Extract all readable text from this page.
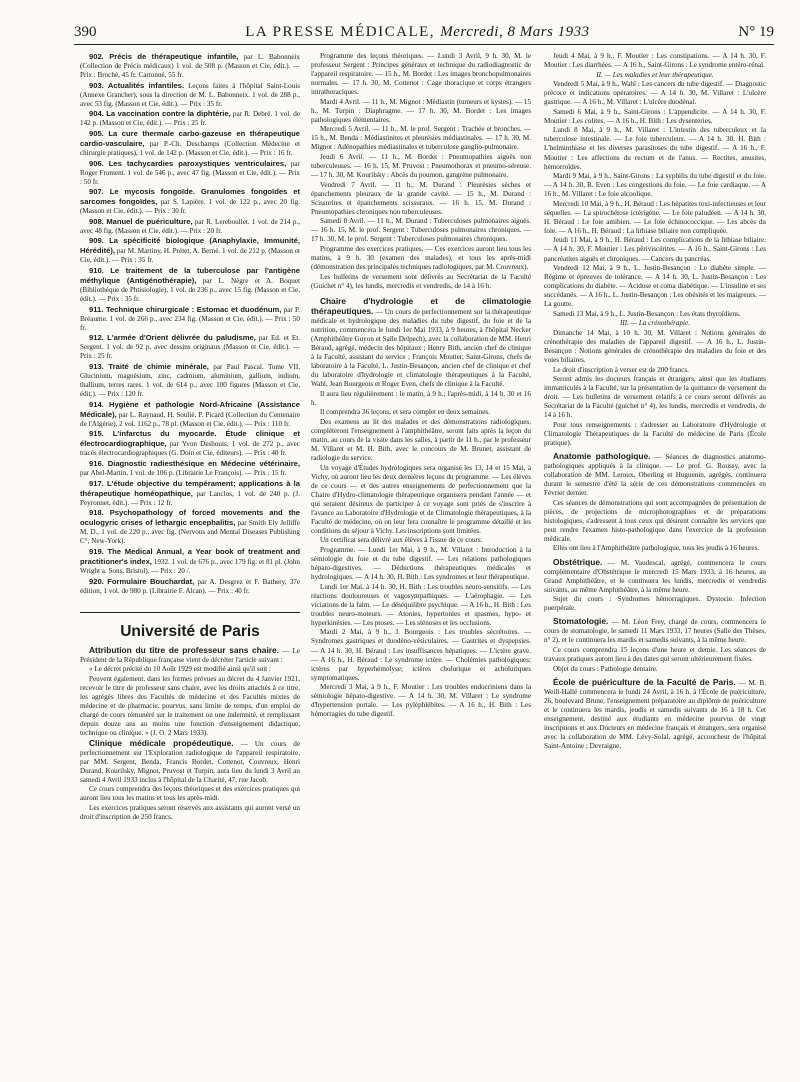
390	LA PRESSE MÉDICALE, Mercredi, 8 Mars 1933	N° 19

902. Précis de thérapeutique infantile, par L. Babonneix (Collection de Précis médicaux) 1 vol. de 508 p. (Masson et Cie, édit.). — Prix : Broché, 45 fr. Cartonné, 55 fr.

903. Actualités infantiles. Leçons faites à l'hôpital Saint-Louis (Annexe Grancher), sous la direction de M. L. Babonneix. 1 vol. de 288 p., avec 53 fig. (Masson et Cie, édit.). — Prix : 35 fr.

904. La vaccination contre la diphtérie, par R. Debré. 1 vol. de 142 p. (Masson et Cie, édit.). — Prix : 25 fr.

905. La cure thermale carbo-gazeuse en thérapeutique cardio-vasculaire, par P.-Ch. Deschamps (Collection Médecine et chirurgie pratiques), 1 vol. de 142 p. (Masson et Cie, édit.). — Prix : 16 fr.

906. Les tachycardies paroxystiques ventriculaires, par Roger Froment. 1 vol. de 546 p., avec 47 fig. (Masson et Cie, édit.). — Prix : 50 fr.

907. Le mycosis fongoïde. Granulomes fongoïdes et sarcomes fongoïdes, par S. Lapière. 1 vol. de 122 p., avec 20 fig. (Masson et Cie, édit.). — Prix : 30 fr.

908. Manuel de puériculture, par R. Lereboullet. 1 vol. de 214 p., avec 48 fig. (Masson et Cie, édit.). — Prix : 20 fr.

909. La spécificité biologique (Anaphylaxie, Immunité, Hérédité), par M. Martiny, H. Prétet, A. Berné. 1 vol. de 212 p. (Masson et Cie, édit.). — Prix : 35 fr.

910. Le traitement de la tuberculose par l'antigène méthylique (Antigénothérapie), par L. Nègre et A. Boquet (Bibliothèque de Phtisiologie), 1 vol. de 236 p., avec 15 fig. (Masson et Cie, édit.). — Prix : 35 fr.

911. Technique chirurgicale : Estomac et duodénum, par P. Bréaume. 1 vol. de 266 p., avec 234 fig. (Masson et Cie, édit.). — Prix : 50 fr.

912. L'armée d'Orient délivrée du paludisme, par Ed. et Et. Sergent. 1 vol. de 92 p. avec dessins originaux (Masson et Cie, édit.). — Prix : 25 fr.

913. Traité de chimie minérale, par Paul Pascal. Tome VII. Glucinium, magnésium, zinc, cadmium, aluminium, gallium, indium, thallium, terres rares. 1 vol. de 614 p., avec 100 figures (Masson et Cie, édit.). — Prix : 120 fr.

914. Hygiène et pathologie Nord-Africaine (Assistance Médicale), par L. Raynaud, H. Soulié, P. Picard (Collection du Centenaire de l'Algérie), 2 vol. 1162 p., 78 pl. (Masson et Cie, édit.). — Prix : 110 fr.

915. L'infarctus du myocarde. Étude clinique et électrocardiographique, par Yvon Desbouis, 1 vol. de 272 p., avec tracés électrocardiographiques (G. Doin et Cie, éditeurs). — Prix : 40 fr.

916. Diagnostic radiesthésique en Médecine vétérinaire, par Abel-Martin, 1 vol. de 106 p. (Librairie Le François). — Prix : 15 fr.

917. L'étude objective du tempérament; applications à la thérapeutique homéopathique, par Lanclos, 1 vol. de 240 p. (J. Peyronnet, édit.). — Prix : 12 fr.

918. Psychopathology of forced movements and the oculogyric crises of lethargic encephalitis, par Smith Ely Jelliffe M. D., 1 vol. de 220 p., avec fig. (Nervous and Mental Diseases Publishing C°, New-York).

919. The Medical Annual, a Year book of treatment and practitioner's index, 1932. 1 vol. de 676 p., avec 179 fig. et 81 pl. (John Wright a. Sons, Bristol). — Prix : 20 /.

920. Formulaire Bouchardat, par A. Desgrez et F. Bathery, 37e édition, 1 vol. de 980 p. (Librairie F. Alcan). — Prix : 40 fr.

Université de Paris

Attribution du titre de professeur sans chaire. — Le Président de la République française vient de décréter l'article suivant :

« Le décret précité du 10 Août 1929 est modifié ainsi qu'il suit :

Peuvent également, dans les formes prévues au décret du 4 Janvier 1921, recevoir le titre de professeur sans chaire, avec les droits attachés à ce titre, les agrégés libres des Facultés de médecine et des Facultés mixtes de médecine et de pharmacie, pourvus, sans limite de temps, d'un emploi de chargé de cours rémunéré sur le traitement ou une indemnité, et remplissant depuis douze ans au moins une fonction d'enseignement didactique, technique ou clinique. » (J. O. 2 Mars 1933).

Clinique médicale propédeutique. — Un cours de perfectionnement sur l'Exploration radiologique de l'appareil respiratoire, par MM. Sergent, Benda, Francis Bordet, Cottenot, Couvreux, Henri Durand, Kourilsky, Mignot, Pruvost et Turpin, aura lieu du lundi 3 Avril au samedi 4 Avril 1933 inclus à l'hôpital de la Charité, 47, rue Jacob.

Ce cours comprendra des leçons théoriques et des exercices pratiques qui auront lieu tous les matins et tous les après-midi.

Les exercices pratiques seront réservés aux assistants qui auront versé un droit d'inscription de 250 francs.

Programme des leçons théoriques. — Lundi 3 Avril, 9 h. 30, M. le professeur Sergent : Principes généraux et technique du radiodiagnostic de l'appareil respiratoire. — 15 h., M. Bordet : Les images bronchopulmonaires normales. — 17 h. 30, M. Cottenot : Cage thoracique et corps étrangers intrathoraciques.

Mardi 4 Avril. — 11 h., M. Mignot : Médiastin (tumeurs et kystes). — 15 h., M. Turpin : Diaphragme. — 17 h. 30, M. Bordet : Les images pathologiques élémentaires.

Mercredi 5 Avril. — 11 h., M. le prof. Sergent : Trachée et bronches. — 15 h., M. Benda : Médiastinites et pleurésies médiastinales. — 17 h. 30, M. Mignot : Adénopathies médiastinales et tuberculose ganglio-pulmonaire.

Jeudi 6 Avril. — 11 h., M. Bordet : Pneumopathies aiguës non tuberculeuses. — 16 h. 15, M. Pruvost : Pneumothorax et pneumo-séreuse. — 17 h. 30, M. Kourilsky : Abcès du poumon, gangrène pulmonaire.

Vendredi 7 Avril. — 11 h., M. Durand : Pleurésies sèches et épanchements pleuraux de la grande cavité. — 15 h., M. Durand : Scissurites et épanchements scissuraux. — 16 h. 15, M. Durand : Pneumopathies chroniques non tuberculeuses.

Samedi 8 Avril. — 11 h., M. Durand : Tuberculoses pulmonaires aiguës. — 16 h. 15, M. le prof. Sergent : Tuberculoses pulmonaires chroniques. — 17 h. 30, M. le prof. Sergent : Tuberculoses pulmonaires chroniques.

Programme des exercices pratiques. — Ces exercices auront lieu tous les matins, à 9 h. 30 (examen des malades), et tous les après-midi (démonstration des principales techniques radiologiques, par M. Couvreux).

Les bulletins de versement sont délivrés au Secrétariat de la Faculté (Guichet n° 4), les lundis, mercredis et vendredis, de 14 à 16 h.

Chaire d'hydrologie et de climatologie thérapeutiques. — Un cours de perfectionnement sur la thérapeutique médicale et hydrologique des maladies du tube digestif, du foie et de la nutrition, commencera le lundi 1er Mai 1933, à 9 heures, à l'hôpital Necker (Amphithéâtre Guyon et Salle Delpech), avec la collaboration de MM. Henri Béraud, agrégé, médecin des hôpitaux ; Henry Bith, ancien chef de clinique à la Faculté, assistant du service ; François Moutier, Saint-Girons, chefs de laboratoire à la Faculté, L. Justin-Besançon, ancien chef de clinique et chef du laboratoire d'hydrologie et climatologie thérapeutiques à la Faculté, Wahl, Jean Bourgeois et Roger Even, chefs de clinique à la Faculté.

Il aura lieu régulièrement : le matin, à 9 h.; l'après-midi, à 14 h. 30 et 16 h.

Il comprendra 36 leçons, et sera complet en deux semaines.

Des examens au lit des malades et des démonstrations radiologiques, compléteront l'enseignement à l'amphithéâtre, seront faits après la leçon du matin, au cours de la visite dans les salles, à partir de 11 h., par le professeur M. Villaret et M. H. Bith, avec le concours de M. Brunet, assistant de radiologie du service.

Un voyage d'Études hydrologiques sera organisé les 13, 14 et 15 Mai, à Vichy, où auront lieu les deux dernières leçons du programme. — Les élèves de ce cours — et des autres enseignements de perfectionnement que la Chaire d'Hydro-climatologie thérapeutique organisera pendant l'année — et qui seraient désireux de participer à ce voyage sont priés de s'inscrire à l'avance au Laboratoire d'Hydrologie et de Climatologie thérapeutiques, à la Faculté de médecine, où on leur fera connaître le programme détaillé et les conditions du séjour à Vichy. Les inscriptions sont limitées.

Un certificat sera délivré aux élèves à l'issue de ce cours.

Programme. — Lundi 1er Mai, à 9 h., M. Villaret : Introduction à la sémiologie du foie et du tube digestif. — Les relations pathologiques hépato-digestives. — Déductions thérapeutiques médicales et hydrologiques. — A 14 h. 30, H. Bith : Les syndromes et leur thérapeutique.

Lundi 1er Mai, à 14 h. 30, H. Bith : Les troubles neuro-sensitifs. — Les réactions douloureuses et vagosympathiques. — L'aérophagie. — Les viciations de la faim. — Le déséquilibre psychique. — A 16 h., H. Bith : Les troubles neuro-moteurs. — Atonies, hypertonies et spasmes, hypo- et hyperkinésies. — Les ptoses. — Les sténoses et les occlusions.

Mardi 2 Mai, à 9 h., J. Bourgeois : Les troubles sécrétoires. — Syndromes gastriques et duodéno-vésiculaires. — Gastrites et dyspepsies. — A 14 h. 30, H. Béraud : Les insuffisances hépatiques. — L'ictère grave. — A 16 h., H. Béraud : Le syndrome ictère. — Cholémies pathologiques; ictères par hyperhémolyse; ictères cholurique et acholuriques symptomatiques.

Mercredi 3 Mai, à 9 h., F. Moutier : Les troubles endocriniens dans la sémiologie hépato-digestive. — A 14 h. 30, M. Villaret : Le syndrome d'hypertension portale. — Les pyléphlébites. — A 16 h., H. Bith : Les hémorragies du tube digestif.

Jeudi 4 Mai, à 9 h., F. Moutier : Les constipations. — A 14 h. 30, F. Moutier : Les diarrhées. — A 16 h., Saint-Girons : Le syndrome entéro-rénal.

II. — Les maladies et leur thérapeutique.

Vendredi 5 Mai, à 9 h., Wahl : Les cancers du tube digestif. — Diagnostic précoce et indications opératoires. — A 14 h. 30, M. Villaret : L'ulcère gastrique. — A 16 h., M. Villaret : L'ulcère duodénal.

Samedi 6 Mai, à 9 h., Saint-Girons : L'appendicite. — A 14 h. 30, F. Moutier : Les colites. — A 16 h., H. Bith : Les dysenteries.

Lundi 8 Mai, à 9 h., M. Villaret : L'intestin des tuberculeux et la tuberculose intestinale. — Le foie tuberculeux. — A 14 h. 30, H. Bith : L'helminthiase et les diverses parasitoses du tube digestif. — A 16 h., F. Moutier : Les affections du rectum et de l'anus. — Rectites, anusites, hémorroïdes.

Mardi 9 Mai, à 9 h., Saint-Girons : La syphilis du tube digestif et du foie. — A 14 h. 30, R. Even : Les congestions du foie. — Le foie cardiaque. — A 16 h., M. Villaret : Le foie alcoolique.

Mercredi 10 Mai, à 9 h., H. Béraud : Les hépatites toxi-infectieuses et leur séquelles. — La spirochétose ictérigène. — Le foie paludéen. — A 14 h. 30, H. Béraud : Le foie amibien. — Le foie échinococcique. — Les abcès du foie. — A 16 h., H. Béraud : La lithiase biliaire non compliquée.

Jeudi 11 Mai, à 9 h., H. Béraud : Les complications de la lithiase biliaire. — A 14 h. 30, F. Moutier : Les périviscérites. — A 16 h., Saint-Girons : Les pancréatites aiguës et chroniques. — Cancers du pancréas.

Vendredi 12 Mai, à 9 h., L. Justin-Besançon : Le diabète simple. — Régime et épreuves de tolérance. — A 14 h. 30, L. Justin-Besançon : Les complications du diabète. — Acidose et coma diabétique. — L'insuline et ses succédanés. — A 16 h., L. Justin-Besançon : Les obésités et les maigreurs. — La goutte.

Samedi 13 Mai, à 9 h., L. Justin-Besançon : Les états thyroïdiens.

III. — La crénothérapie.

Dimanche 14 Mai, à 10 h. 30, M. Villaret : Notions générales de crénothérapie des maladies de l'appareil digestif. — A 16 h., L. Justin-Besançon : Notions générales de crénothérapie des maladies du foie et des voies biliaires.

Le droit d'inscription à verser est de 200 francs.

Seront admis les docteurs français et étrangers, ainsi que les étudiants immatriculés à la Faculté, sur la présentation de la quittance de versement du droit. — Les bulletins de versement relatifs à ce cours seront délivrés au Secrétariat de la Faculté (guichet n° 4), les lundis, mercredis et vendredis, de 14 à 16 h.

Pour tous renseignements : s'adresser au Laboratoire d'Hydrologie et Climatologie Thérapeutiques de la Faculté de médecine de Paris (École pratique).

Anatomie pathologique. — Séances de diagnostics anatomo-pathologiques appliqués à la clinique. — Le prof. G. Roussy, avec la collaboration de MM. Leroux, Oberling et Huguenin, agrégés, continuera durant le semestre d'été la série de ces démonstrations commencées en Février dernier.

Ces séances de démonstrations qui sont accompagnées de présentation de pièces, de projections de microphotographies et de préparations histologiques, s'adressent à tous ceux qui désirent connaître les services que peut rendre l'examen histo-pathologique dans l'exercice de la profession médicale.

Elles ont lieu à l'Amphithéâtre pathologique, tous les jeudis à 16 heures.

Obstétrique. — M. Vaudescal, agrégé, commencera le cours complémentaire d'Obstétrique le mercredi 15 Mars 1933, à 16 heures, au Grand Amphithéâtre, et le continuera les lundis, mercredis et vendredis suivants, au même Amphithéâtre, à la même heure.

Sujet du cours : Syndromes hémorragiques. Dystocie. Infection puerpérale.

Stomatologie. — M. Léon Frey, chargé de cours, commencera le cours de stomatologie, le samedi 11 Mars 1933, 17 heures (Salle des Thèses, n° 2), et le continuera les mardis et samedis suivants, à la même heure.

Ce cours comprendra 15 leçons d'une heure et demie. Les séances de travaux pratiques auront lieu à des dates qui seront ultérieurement fixées.

Objet du cours : Pathologie dentaire.

École de puériculture de la Faculté de Paris. — M. B. Weill-Hallé commencera le lundi 24 Avril, à 16 h. à l'École de puériculture, 26, boulevard Brune, l'enseignement préparatoire au diplôme de puériculture et le continuera les mardis, jeudis et samedis suivants de 16 à 18 h. Cet enseignement, destiné aux étudiants en médecine pourvus de vingt inscriptions et aux Docteurs en médecine français et étrangers, sera organisé avec la collaboration de MM. Lévy-Solal, agrégé, accoucheur de l'hôpital Saint-Antoine ; Devraigne,
